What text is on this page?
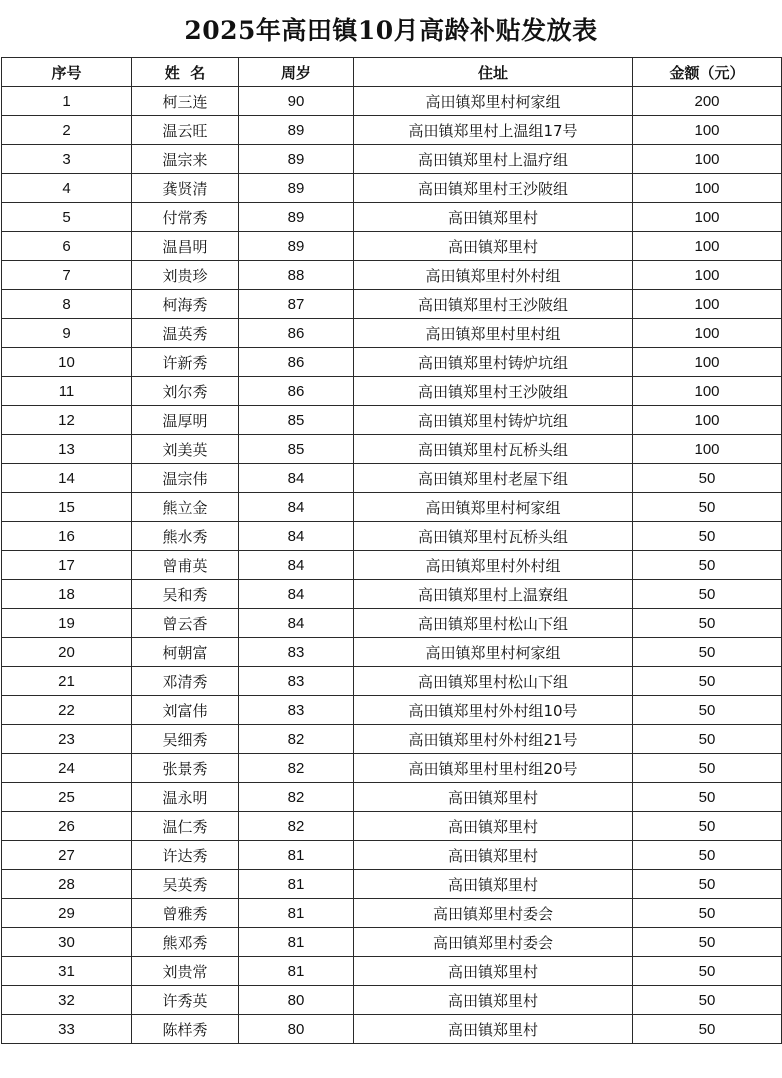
2025年高田镇10月高龄补贴发放表
序号	姓  名	周岁	住址	金额（元）
1	柯三连	90	高田镇郑里村柯家组	200
2	温云旺	89	高田镇郑里村上温组17号	100
3	温宗来	89	高田镇郑里村上温疗组	100
4	龚贤清	89	高田镇郑里村王沙陂组	100
5	付常秀	89	高田镇郑里村	100
6	温昌明	89	高田镇郑里村	100
7	刘贵珍	88	高田镇郑里村外村组	100
8	柯海秀	87	高田镇郑里村王沙陂组	100
9	温英秀	86	高田镇郑里村里村组	100
10	许新秀	86	高田镇郑里村铸炉坑组	100
11	刘尔秀	86	高田镇郑里村王沙陂组	100
12	温厚明	85	高田镇郑里村铸炉坑组	100
13	刘美英	85	高田镇郑里村瓦桥头组	100
14	温宗伟	84	高田镇郑里村老屋下组	50
15	熊立金	84	高田镇郑里村柯家组	50
16	熊水秀	84	高田镇郑里村瓦桥头组	50
17	曾甫英	84	高田镇郑里村外村组	50
18	吴和秀	84	高田镇郑里村上温寮组	50
19	曾云香	84	高田镇郑里村松山下组	50
20	柯朝富	83	高田镇郑里村柯家组	50
21	邓清秀	83	高田镇郑里村松山下组	50
22	刘富伟	83	高田镇郑里村外村组10号	50
23	吴细秀	82	高田镇郑里村外村组21号	50
24	张景秀	82	高田镇郑里村里村组20号	50
25	温永明	82	高田镇郑里村	50
26	温仁秀	82	高田镇郑里村	50
27	许达秀	81	高田镇郑里村	50
28	吴英秀	81	高田镇郑里村	50
29	曾雅秀	81	高田镇郑里村委会	50
30	熊邓秀	81	高田镇郑里村委会	50
31	刘贵常	81	高田镇郑里村	50
32	许秀英	80	高田镇郑里村	50
33	陈样秀	80	高田镇郑里村	50
